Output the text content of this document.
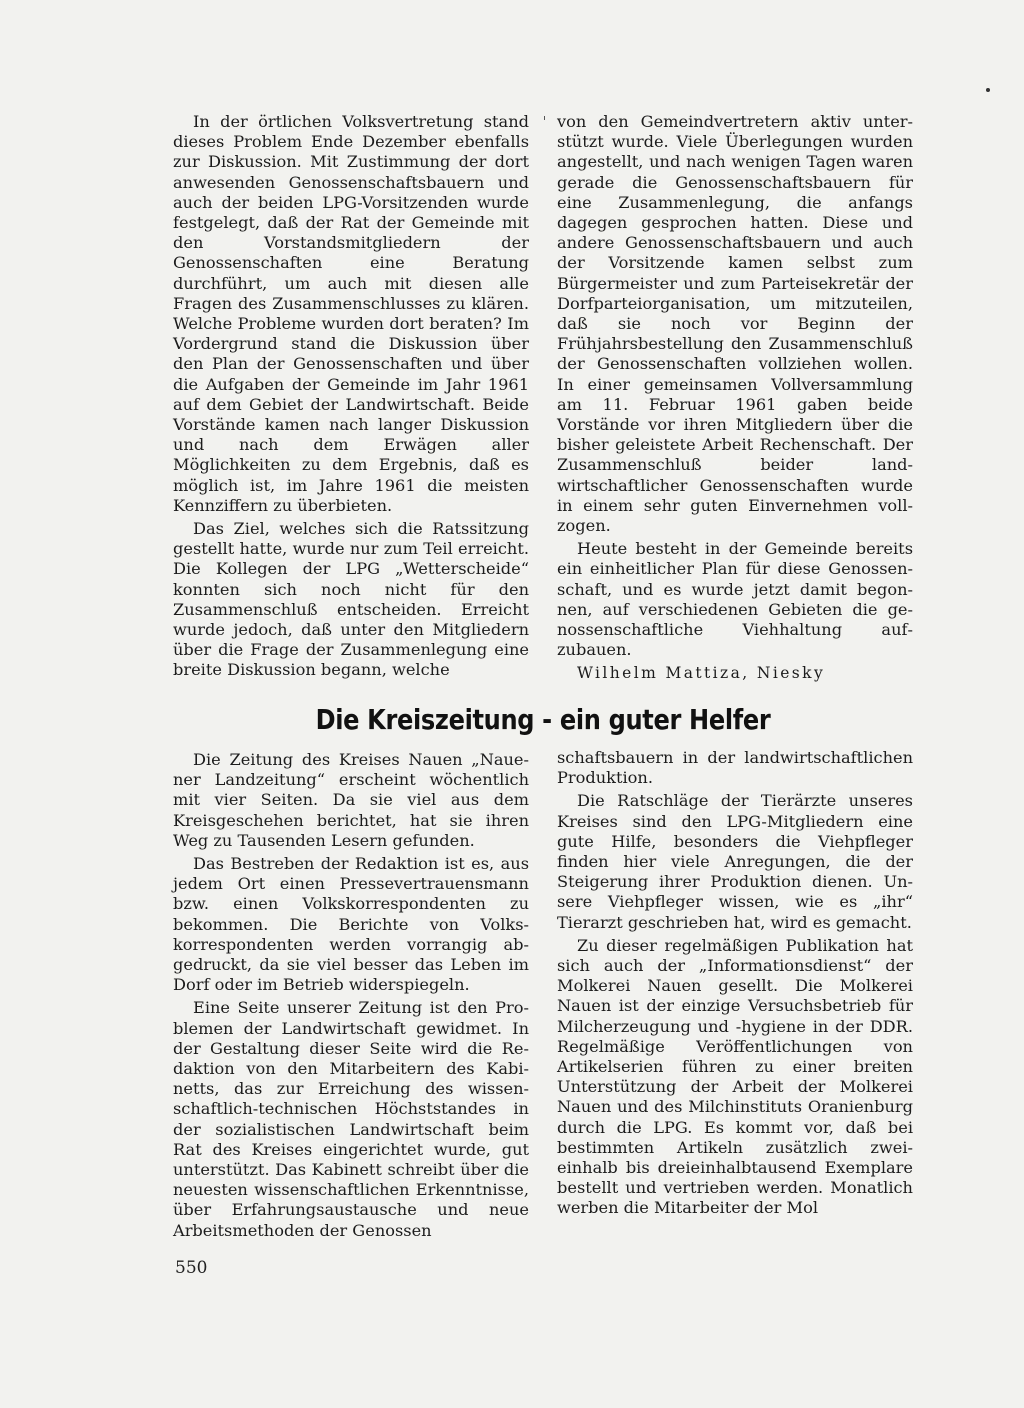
In der örtlichen Volksvertretung stand dieses Problem Ende Dezember ebenfalls zur Diskussion. Mit Zustimmung der dort anwesenden Genossenschaftsbauern und auch der beiden LPG-Vorsitzenden wurde festgelegt, daß der Rat der Gemeinde mit den Vorstandsmitgliedern der Genossenschaften eine Beratung durchführt, um auch mit diesen alle Fragen des Zusammenschlusses zu klären. Welche Probleme wurden dort beraten? Im Vordergrund stand die Diskussion über den Plan der Genossenschaften und über die Aufgaben der Gemeinde im Jahr 1961 auf dem Gebiet der Landwirtschaft. Beide Vorstände kamen nach langer Diskussion und nach dem Erwägen aller Möglichkeiten zu dem Ergebnis, daß es möglich ist, im Jahre 1961 die meisten Kennziffern zu überbieten.

Das Ziel, welches sich die Ratssitzung gestellt hatte, wurde nur zum Teil erreicht. Die Kollegen der LPG „Wetterscheide“ konnten sich noch nicht für den Zusammenschluß entscheiden. Erreicht wurde jedoch, daß unter den Mitgliedern über die Frage der Zusammenlegung eine breite Diskussion begann, welche

von den Gemeindvertretern aktiv unterstützt wurde. Viele Überlegungen wurden angestellt, und nach wenigen Tagen waren gerade die Genossenschaftsbauern für eine Zusammenlegung, die anfangs dagegen gesprochen hatten. Diese und andere Genossenschaftsbauern und auch der Vorsitzende kamen selbst zum Bürgermeister und zum Parteisekretär der Dorfparteiorganisation, um mitzuteilen, daß sie noch vor Beginn der Frühjahrsbestellung den Zusammenschluß der Genossenschaften vollziehen wollen. In einer gemeinsamen Vollversammlung am 11. Februar 1961 gaben beide Vorstände vor ihren Mitgliedern über die bisher geleistete Arbeit Rechenschaft. Der Zusammenschluß beider landwirtschaftlicher Genossenschaften wurde in einem sehr guten Einvernehmen vollzogen.

Heute besteht in der Gemeinde bereits ein einheitlicher Plan für diese Genossenschaft, und es wurde jetzt damit begonnen, auf verschiedenen Gebieten die genossenschaftliche Viehhaltung aufzubauen.

Wilhelm Mattiza, Niesky

Die Kreiszeitung - ein guter Helfer

Die Zeitung des Kreises Nauen „Nauener Landzeitung“ erscheint wöchentlich mit vier Seiten. Da sie viel aus dem Kreisgeschehen berichtet, hat sie ihren Weg zu Tausenden Lesern gefunden.

Das Bestreben der Redaktion ist es, aus jedem Ort einen Pressevertrauensmann bzw. einen Volkskorrespondenten zu bekommen. Die Berichte von Volkskorrespondenten werden vorrangig abgedruckt, da sie viel besser das Leben im Dorf oder im Betrieb widerspiegeln.

Eine Seite unserer Zeitung ist den Problemen der Landwirtschaft gewidmet. In der Gestaltung dieser Seite wird die Redaktion von den Mitarbeitern des Kabinetts, das zur Erreichung des wissenschaftlich-technischen Höchststandes in der sozialistischen Landwirtschaft beim Rat des Kreises eingerichtet wurde, gut unterstützt. Das Kabinett schreibt über die neuesten wissenschaftlichen Erkenntnisse, über Erfahrungsaustausche und neue Arbeitsmethoden der Genossen

schaftsbauern in der landwirtschaftlichen Produktion.

Die Ratschläge der Tierärzte unseres Kreises sind den LPG-Mitgliedern eine gute Hilfe, besonders die Viehpfleger finden hier viele Anregungen, die der Steigerung ihrer Produktion dienen. Unsere Viehpfleger wissen, wie es „ihr“ Tierarzt geschrieben hat, wird es gemacht.

Zu dieser regelmäßigen Publikation hat sich auch der „Informationsdienst“ der Molkerei Nauen gesellt. Die Molkerei Nauen ist der einzige Versuchsbetrieb für Milcherzeugung und -hygiene in der DDR. Regelmäßige Veröffentlichungen von Artikelserien führen zu einer breiten Unterstützung der Arbeit der Molkerei Nauen und des Milchinstituts Oranienburg durch die LPG. Es kommt vor, daß bei bestimmten Artikeln zusätzlich zweieinhalb bis dreieinhalbtausend Exemplare bestellt und vertrieben werden. Monatlich werben die Mitarbeiter der Mol

550
